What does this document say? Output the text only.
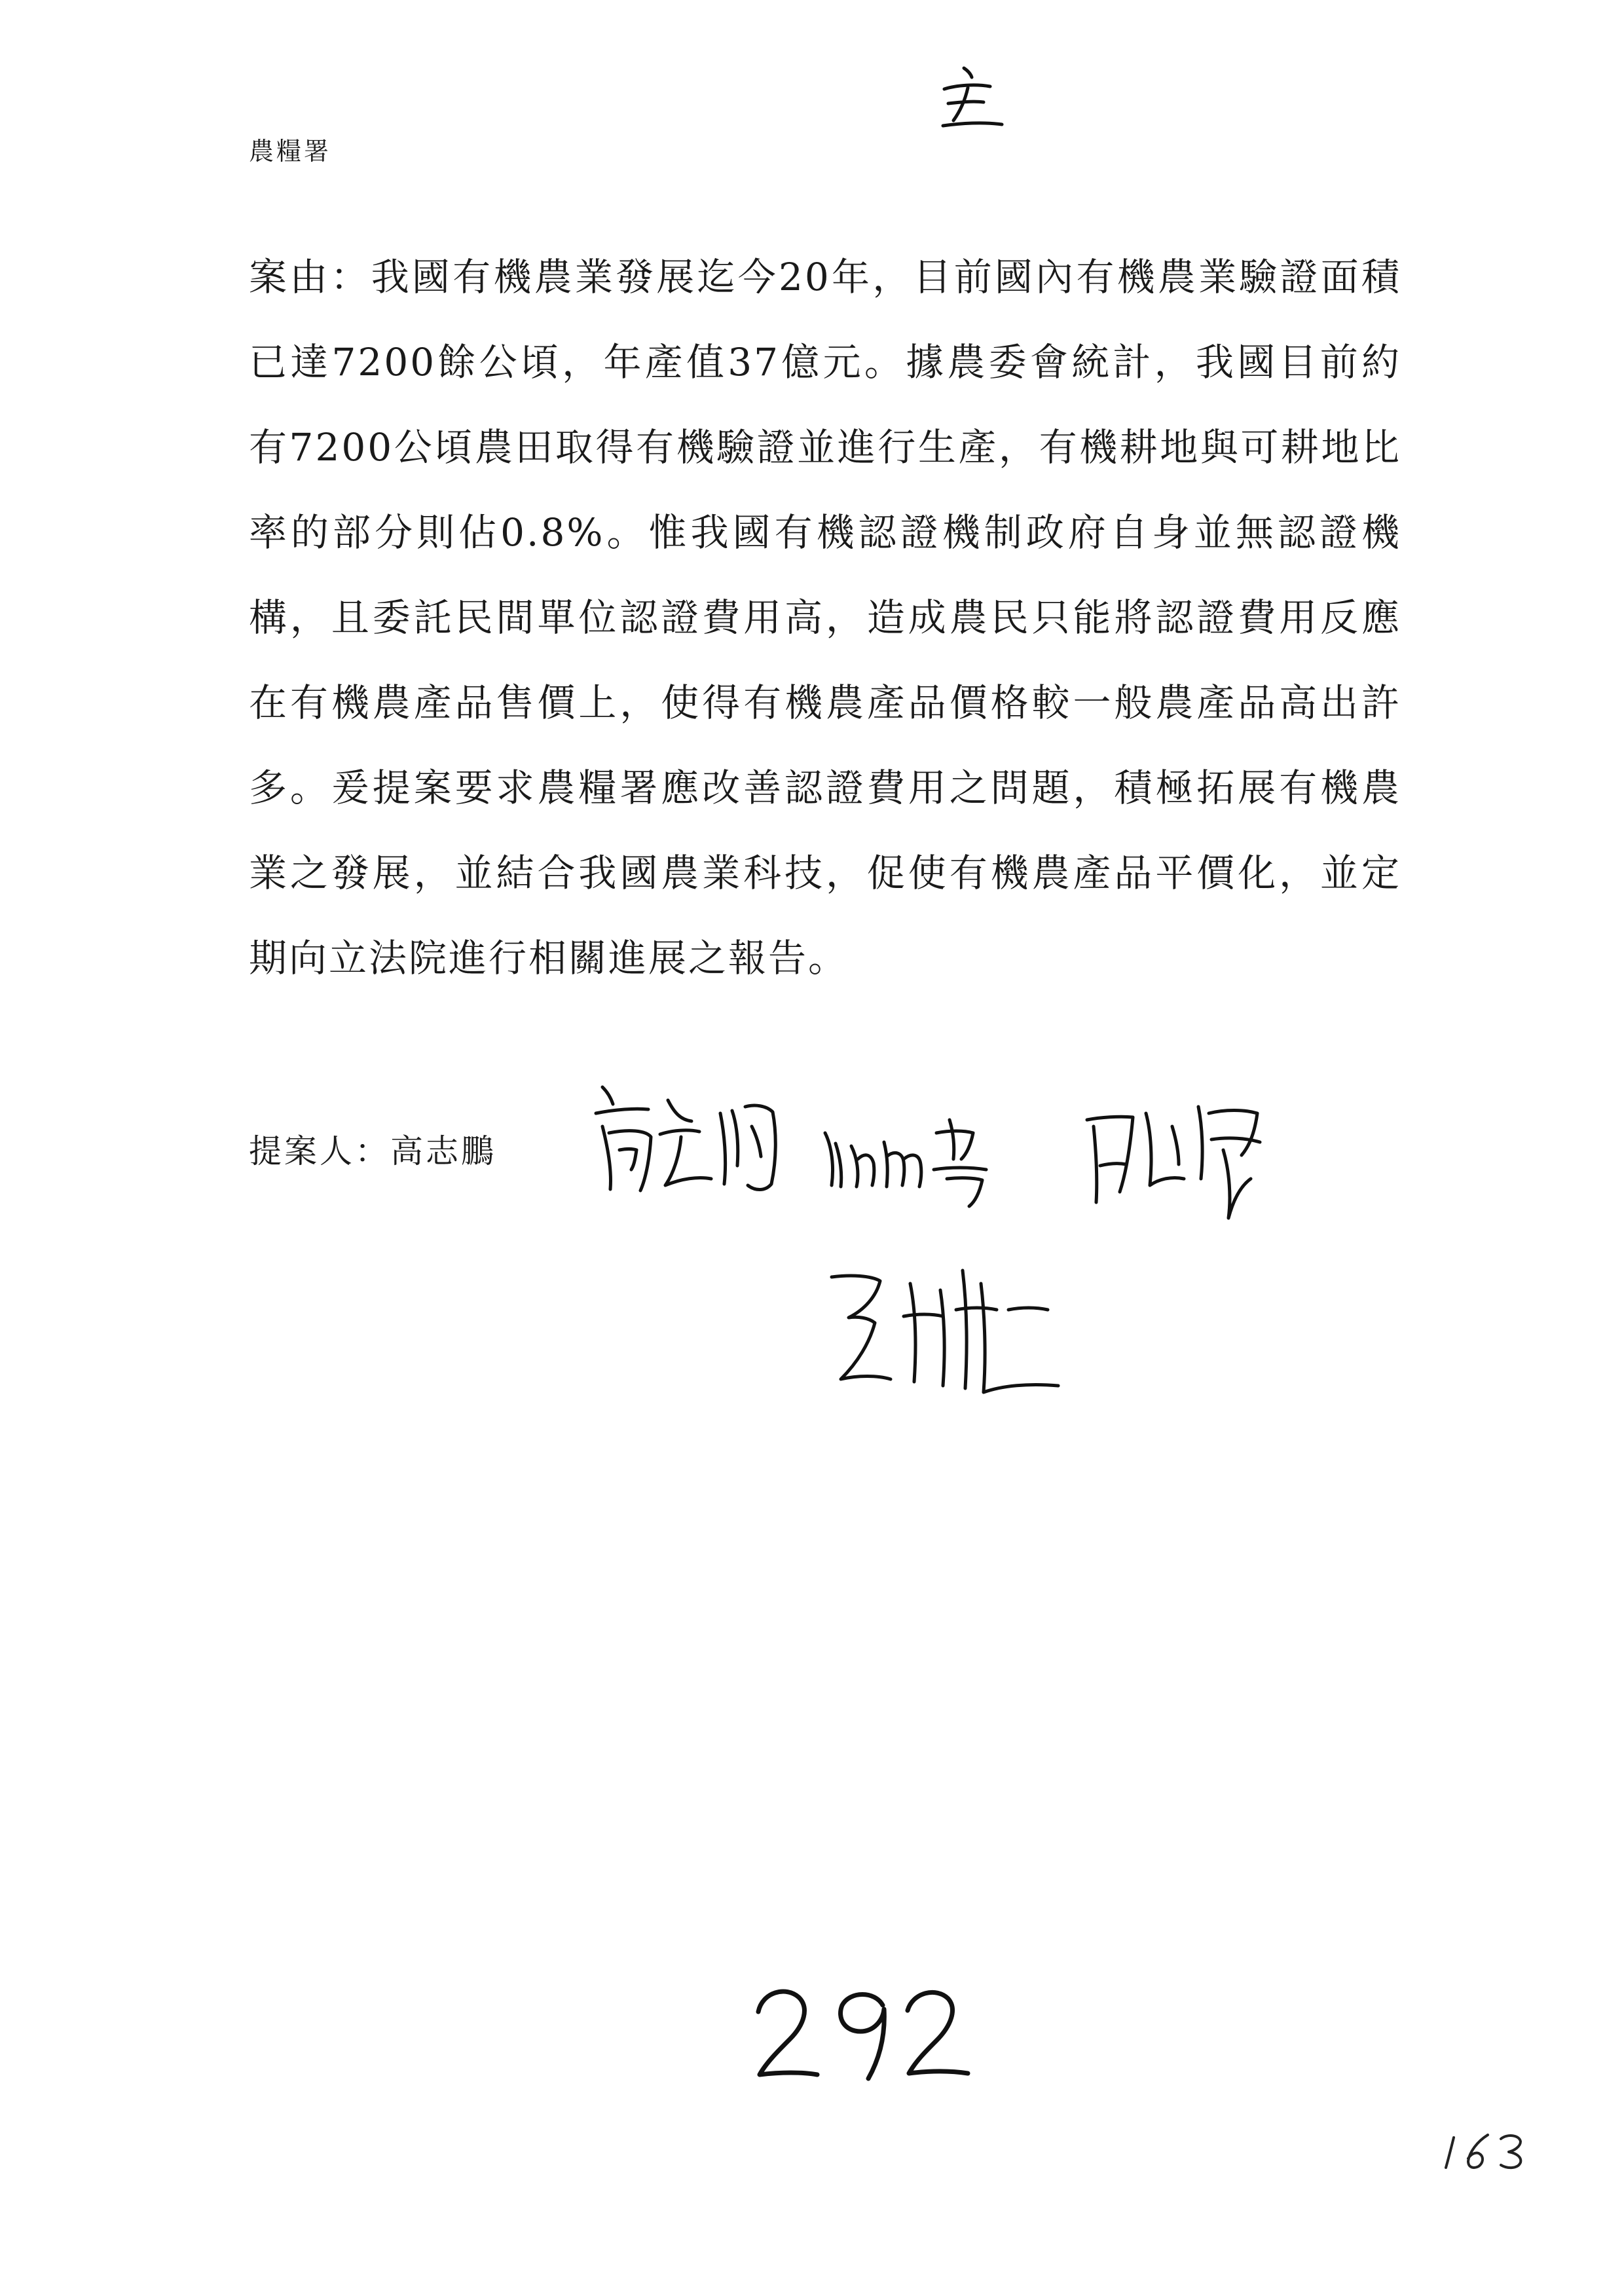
農糧署

案由：我國有機農業發展迄今20年，目前國內有機農業驗證面積已達7200餘公頃，年產值37億元。據農委會統計，我國目前約有7200公頃農田取得有機驗證並進行生產，有機耕地與可耕地比率的部分則佔0.8%。惟我國有機認證機制政府自身並無認證機構，且委託民間單位認證費用高，造成農民只能將認證費用反應在有機農產品售價上，使得有機農產品價格較一般農產品高出許多。爰提案要求農糧署應改善認證費用之問題，積極拓展有機農業之發展，並結合我國農業科技，促使有機農產品平價化，並定期向立法院進行相關進展之報告。

提案人：高志鵬
